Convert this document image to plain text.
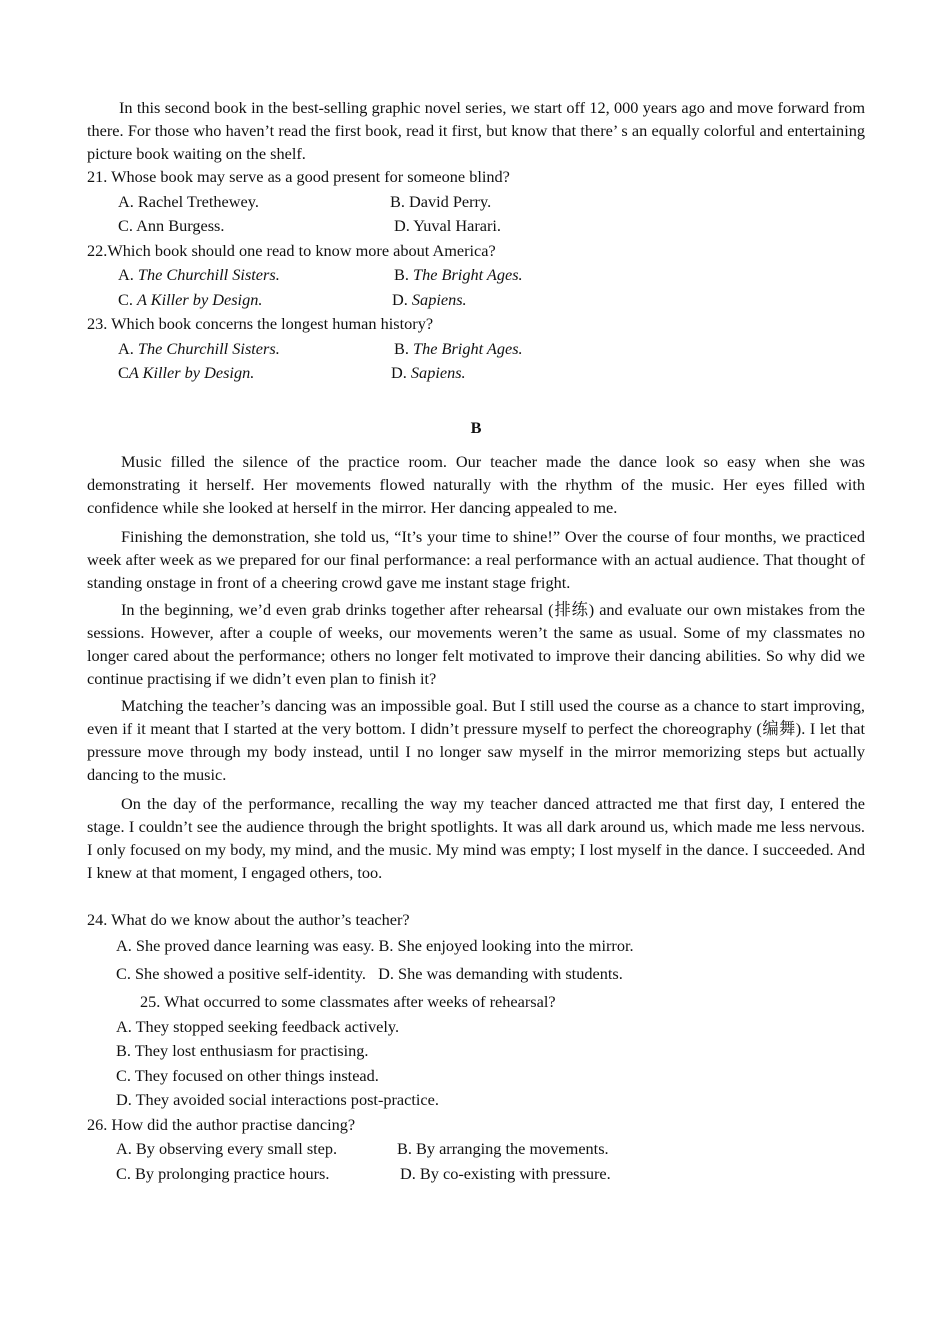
In this second book in the best-selling graphic novel series, we start off 12, 000 years ago and move forward from there. For those who haven’t read the first book, read it first, but know that there’ s an equally colorful and entertaining picture book waiting on the shelf.

21. Whose book may serve as a good present for someone blind?

A. Rachel Trethewey.	B. David Perry.
C. Ann Burgess.	D. Yuval Harari.

22.Which book should one read to know more about America?

A. The Churchill Sisters.	B. The Bright Ages.
C. A Killer by Design.	D. Sapiens.

23. Which book concerns the longest human history?

A. The Churchill Sisters.	B. The Bright Ages.
CA Killer by Design.	D. Sapiens.
B

Music filled the silence of the practice room. Our teacher made the dance look so easy when she was demonstrating it herself. Her movements flowed naturally with the rhythm of the music. Her eyes filled with confidence while she looked at herself in the mirror. Her dancing appealed to me.

Finishing the demonstration, she told us, “It’s your time to shine!” Over the course of four months, we practiced week after week as we prepared for our final performance: a real performance with an actual audience. That thought of standing onstage in front of a cheering crowd gave me instant stage fright.

In the beginning, we’d even grab drinks together after rehearsal (排练) and evaluate our own mistakes from the sessions. However, after a couple of weeks, our movements weren’t the same as usual. Some of my classmates no longer cared about the performance; others no longer felt motivated to improve their dancing abilities. So why did we continue practising if we didn’t even plan to finish it?

Matching the teacher’s dancing was an impossible goal. But I still used the course as a chance to start improving, even if it meant that I started at the very bottom. I didn’t pressure myself to perfect the choreography (编舞). I let that pressure move through my body instead, until I no longer saw myself in the mirror memorizing steps but actually dancing to the music.

On the day of the performance, recalling the way my teacher danced attracted me that first day, I entered the stage. I couldn’t see the audience through the bright spotlights. It was all dark around us, which made me less nervous. I only focused on my body, my mind, and the music. My mind was empty; I lost myself in the dance. I succeeded. And I knew at that moment, I engaged others, too.

24. What do we know about the author’s teacher?

A. She proved dance learning was easy. B. She enjoyed looking into the mirror.
C. She showed a positive self-identity.   D. She was demanding with students.

25. What occurred to some classmates after weeks of rehearsal?

A. They stopped seeking feedback actively.
B. They lost enthusiasm for practising.
C. They focused on other things instead.
D. They avoided social interactions post-practice.

26. How did the author practise dancing?

A. By observing every small step.	B. By arranging the movements.
C. By prolonging practice hours.	D. By co-existing with pressure.
